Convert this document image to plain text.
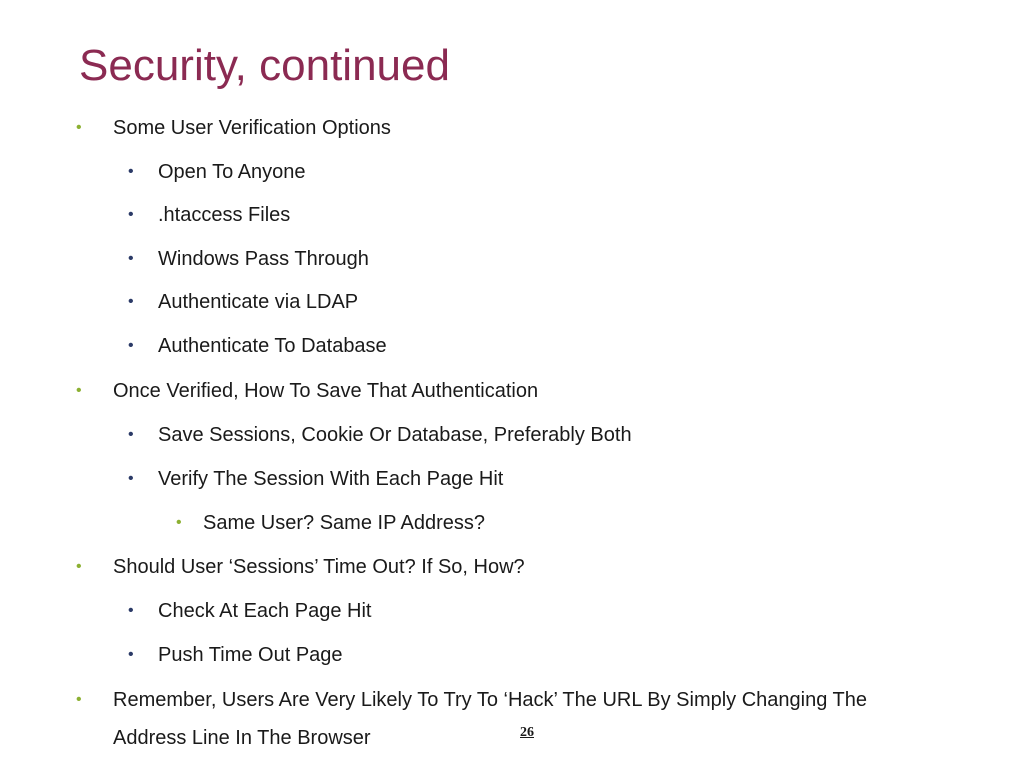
Security, continued
• Some User Verification Options
• Open To Anyone
• .htaccess Files
• Windows Pass Through
• Authenticate via LDAP
• Authenticate To Database
• Once Verified, How To Save That Authentication
• Save Sessions, Cookie Or Database, Preferably Both
• Verify The Session With Each Page Hit
• Same User? Same IP Address?
• Should User ‘Sessions’ Time Out? If So, How?
• Check At Each Page Hit
• Push Time Out Page
• Remember, Users Are Very Likely To Try To ‘Hack’ The URL By Simply Changing The Address Line In The Browser	26
